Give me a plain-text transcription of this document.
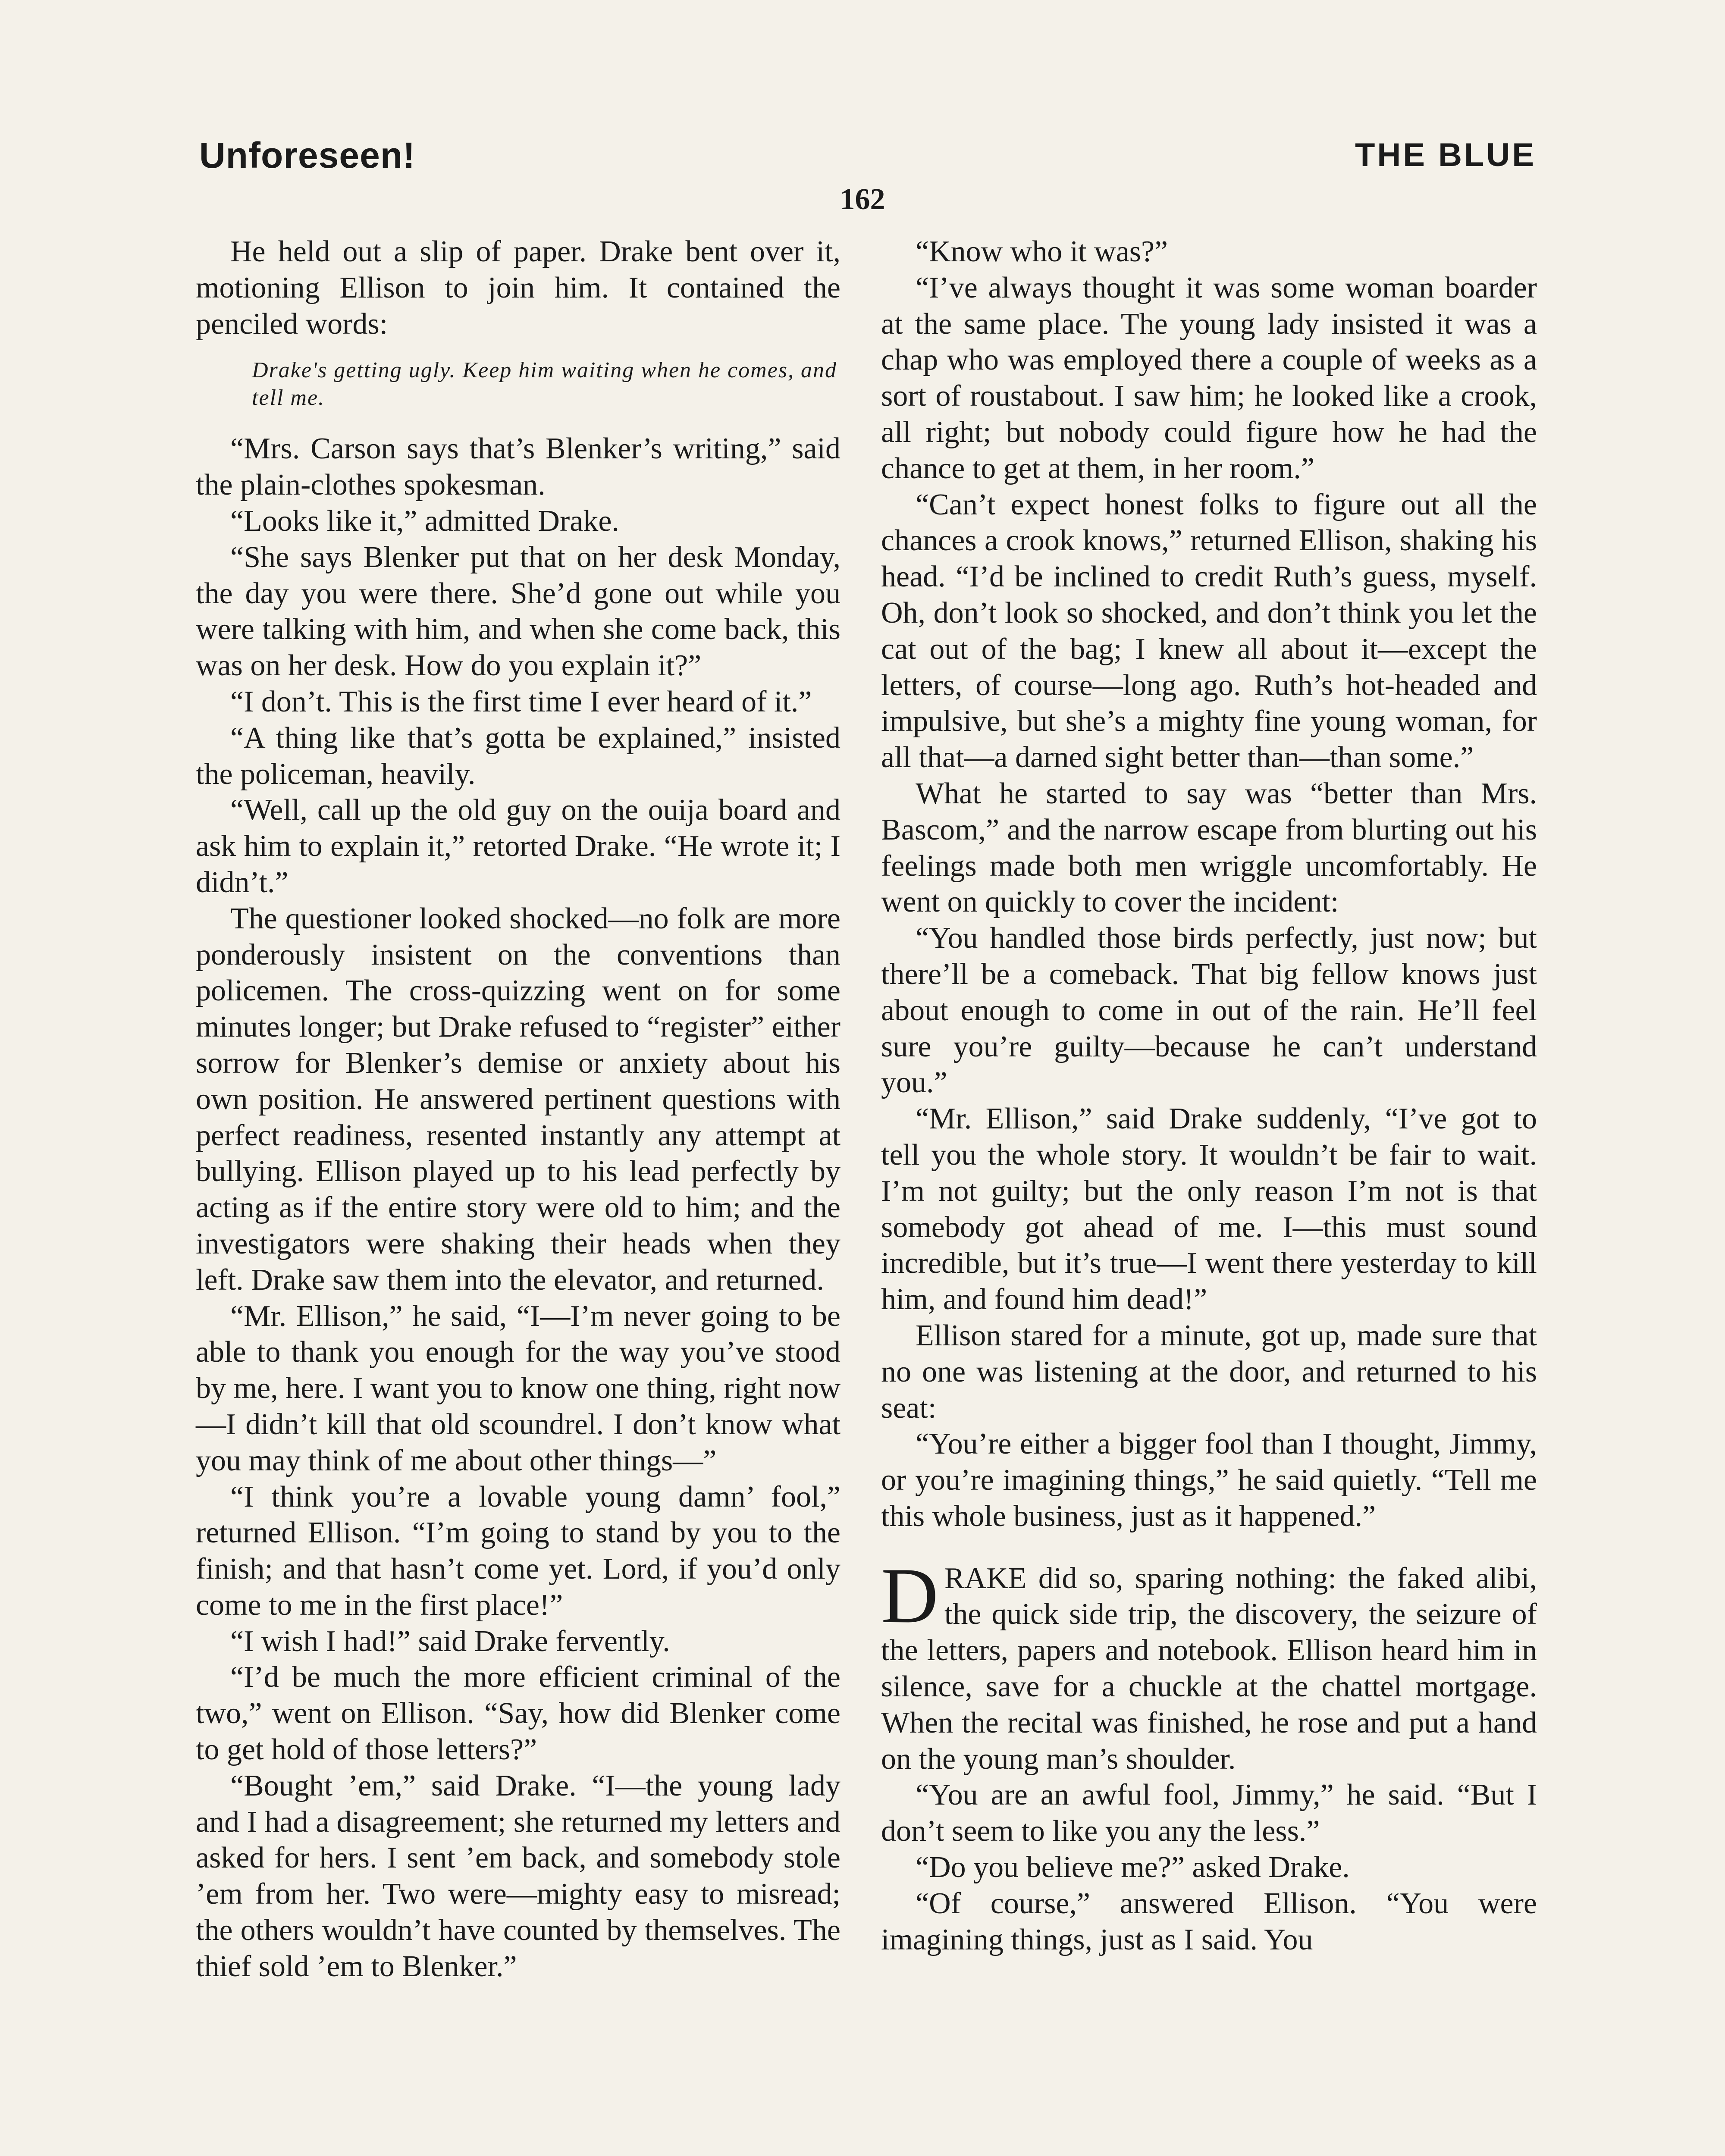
Unforeseen!	THE BLUE
162

He held out a slip of paper. Drake bent over it, motioning Ellison to join him. It contained the penciled words:

Drake's getting ugly. Keep him waiting when he comes, and tell me.

“Mrs. Carson says that’s Blenker’s writing,” said the plain-clothes spokesman.

“Looks like it,” admitted Drake.

“She says Blenker put that on her desk Monday, the day you were there. She’d gone out while you were talking with him, and when she come back, this was on her desk. How do you explain it?”

“I don’t. This is the first time I ever heard of it.”

“A thing like that’s gotta be explained,” insisted the policeman, heavily.

“Well, call up the old guy on the ouija board and ask him to explain it,” retorted Drake. “He wrote it; I didn’t.”

The questioner looked shocked—no folk are more ponderously insistent on the conventions than policemen. The cross-quizzing went on for some minutes longer; but Drake refused to “register” either sorrow for Blenker’s demise or anxiety about his own position. He answered pertinent questions with perfect readiness, resented instantly any attempt at bullying. Ellison played up to his lead perfectly by acting as if the entire story were old to him; and the investigators were shaking their heads when they left. Drake saw them into the elevator, and returned.

“Mr. Ellison,” he said, “I—I’m never going to be able to thank you enough for the way you’ve stood by me, here. I want you to know one thing, right now—I didn’t kill that old scoundrel. I don’t know what you may think of me about other things—”

“I think you’re a lovable young damn’ fool,” returned Ellison. “I’m going to stand by you to the finish; and that hasn’t come yet. Lord, if you’d only come to me in the first place!”

“I wish I had!” said Drake fervently.

“I’d be much the more efficient criminal of the two,” went on Ellison. “Say, how did Blenker come to get hold of those letters?”

“Bought ’em,” said Drake. “I—the young lady and I had a disagreement; she returned my letters and asked for hers. I sent ’em back, and somebody stole ’em from her. Two were—mighty easy to misread; the others wouldn’t have counted by themselves. The thief sold ’em to Blenker.”

“Know who it was?”

“I’ve always thought it was some woman boarder at the same place. The young lady insisted it was a chap who was employed there a couple of weeks as a sort of roustabout. I saw him; he looked like a crook, all right; but nobody could figure how he had the chance to get at them, in her room.”

“Can’t expect honest folks to figure out all the chances a crook knows,” returned Ellison, shaking his head. “I’d be inclined to credit Ruth’s guess, myself. Oh, don’t look so shocked, and don’t think you let the cat out of the bag; I knew all about it—except the letters, of course—long ago. Ruth’s hot-headed and impulsive, but she’s a mighty fine young woman, for all that—a darned sight better than—than some.”

What he started to say was “better than Mrs. Bascom,” and the narrow escape from blurting out his feelings made both men wriggle uncomfortably. He went on quickly to cover the incident:

“You handled those birds perfectly, just now; but there’ll be a comeback. That big fellow knows just about enough to come in out of the rain. He’ll feel sure you’re guilty—because he can’t understand you.”

“Mr. Ellison,” said Drake suddenly, “I’ve got to tell you the whole story. It wouldn’t be fair to wait. I’m not guilty; but the only reason I’m not is that somebody got ahead of me. I—this must sound incredible, but it’s true—I went there yesterday to kill him, and found him dead!”

Ellison stared for a minute, got up, made sure that no one was listening at the door, and returned to his seat:

“You’re either a bigger fool than I thought, Jimmy, or you’re imagining things,” he said quietly. “Tell me this whole business, just as it happened.”

DRAKE did so, sparing nothing: the faked alibi, the quick side trip, the discovery, the seizure of the letters, papers and notebook. Ellison heard him in silence, save for a chuckle at the chattel mortgage. When the recital was finished, he rose and put a hand on the young man’s shoulder.

“You are an awful fool, Jimmy,” he said. “But I don’t seem to like you any the less.”

“Do you believe me?” asked Drake.

“Of course,” answered Ellison. “You were imagining things, just as I said. You
